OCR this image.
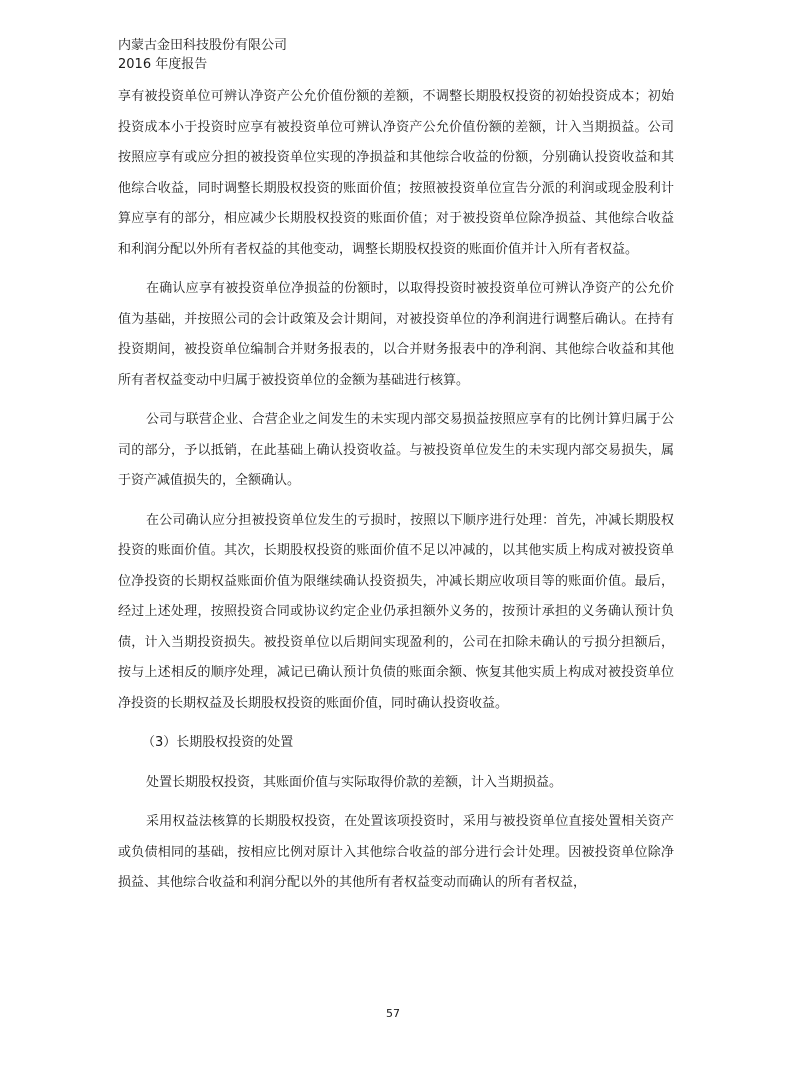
内蒙古金田科技股份有限公司
2016 年度报告

享有被投资单位可辨认净资产公允价值份额的差额，不调整长期股权投资的初始投资成本；初始投资成本小于投资时应享有被投资单位可辨认净资产公允价值份额的差额，计入当期损益。公司按照应享有或应分担的被投资单位实现的净损益和其他综合收益的份额，分别确认投资收益和其他综合收益，同时调整长期股权投资的账面价值；按照被投资单位宣告分派的利润或现金股利计算应享有的部分，相应减少长期股权投资的账面价值；对于被投资单位除净损益、其他综合收益和利润分配以外所有者权益的其他变动，调整长期股权投资的账面价值并计入所有者权益。

在确认应享有被投资单位净损益的份额时，以取得投资时被投资单位可辨认净资产的公允价值为基础，并按照公司的会计政策及会计期间，对被投资单位的净利润进行调整后确认。在持有投资期间，被投资单位编制合并财务报表的，以合并财务报表中的净利润、其他综合收益和其他所有者权益变动中归属于被投资单位的金额为基础进行核算。

公司与联营企业、合营企业之间发生的未实现内部交易损益按照应享有的比例计算归属于公司的部分，予以抵销，在此基础上确认投资收益。与被投资单位发生的未实现内部交易损失，属于资产减值损失的，全额确认。

在公司确认应分担被投资单位发生的亏损时，按照以下顺序进行处理：首先，冲减长期股权投资的账面价值。其次，长期股权投资的账面价值不足以冲减的，以其他实质上构成对被投资单位净投资的长期权益账面价值为限继续确认投资损失，冲减长期应收项目等的账面价值。最后，经过上述处理，按照投资合同或协议约定企业仍承担额外义务的，按预计承担的义务确认预计负债，计入当期投资损失。被投资单位以后期间实现盈利的，公司在扣除未确认的亏损分担额后，按与上述相反的顺序处理，减记已确认预计负债的账面余额、恢复其他实质上构成对被投资单位净投资的长期权益及长期股权投资的账面价值，同时确认投资收益。

（3）长期股权投资的处置

处置长期股权投资，其账面价值与实际取得价款的差额，计入当期损益。

采用权益法核算的长期股权投资，在处置该项投资时，采用与被投资单位直接处置相关资产或负债相同的基础，按相应比例对原计入其他综合收益的部分进行会计处理。因被投资单位除净损益、其他综合收益和利润分配以外的其他所有者权益变动而确认的所有者权益，

57
